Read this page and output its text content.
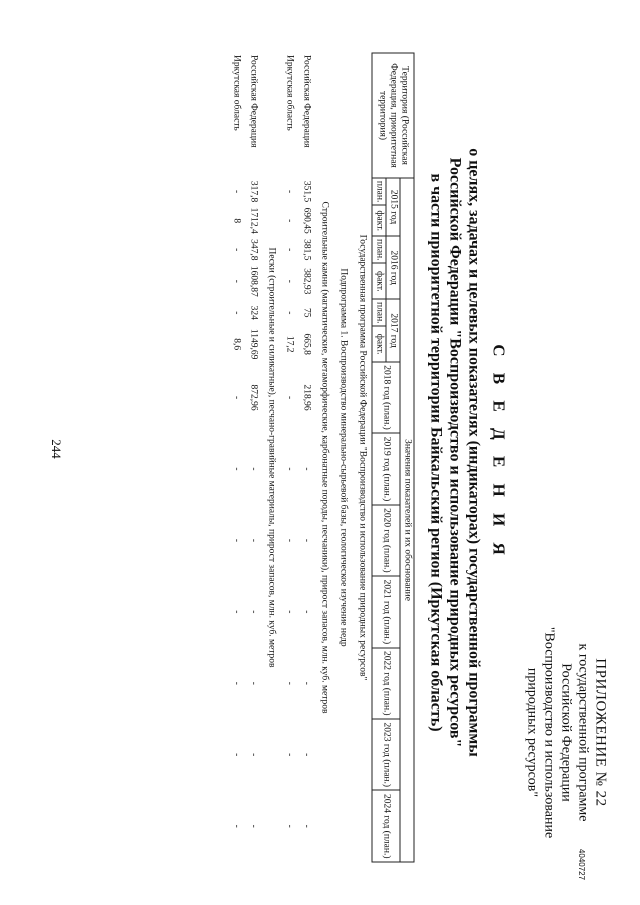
244
4040727
ПРИЛОЖЕНИЕ № 22
к государственной программе
Российской Федерации
"Воспроизводство и использование
природных ресурсов"
С В Е Д Е Н И Я
о целях, задачах и целевых показателях (индикаторах) государственной программы
Российской Федерации "Воспроизводство и использование природных ресурсов"
в части приоритетной территории Байкальский регион (Иркутская область)
Территория (Российская Федерация, приоритетная территория)	Значения показателей и их обоснование												
	2015 год		2016 год		2017 год		2018 год (план.)	2019 год (план.)	2020 год (план.)	2021 год (план.)	2022 год (план.)	2023 год (план.)	2024 год (план.)
	план.	факт.	план.	факт.	план.	факт.							
Государственная программа Российской Федерации "Воспроизводство и использование природных ресурсов"													
Подпрограмма 1. Воспроизводство минерально-сырьевой базы, геологическое изучение недр													
Строительные камни (магматические, метаморфические, карбонатные породы, песчаники), прирост запасов, млн. куб. метров													
Российская Федерация	351,5	690,45	381,5	382,93	75	665,8	218,96	-	-	-	-	-	-
Иркутская область	-	-	-	-	-	17,2	-	-	-	-	-	-	-
Пески (строительные и силикатные), песчано-гравийные материалы, прирост запасов, млн. куб. метров													
Российская Федерация	317,8	1712,4	347,8	1608,87	324	1149,69	872,96	-	-	-	-	-	-
Иркутская область	-	8	-	-	-	8,6	-	-	-	-	-	-	-
